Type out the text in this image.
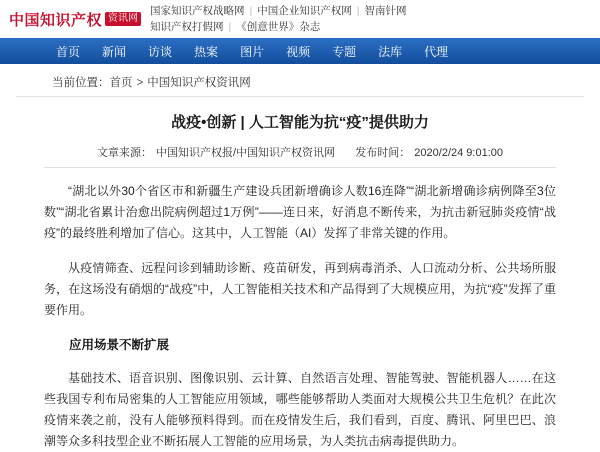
中国知识产权 资讯网
国家知识产权战略网 | 中国企业知识产权网 | 智南针网
知识产权打假网 | 《创意世界》杂志
首页 新闻 访谈 热案 图片 视频 专题 法库 代理
当前位置：首页 > 中国知识产权资讯网
战疫•创新 | 人工智能为抗“疫”提供助力
文章来源： 中国知识产权报/中国知识产权资讯网 发布时间： 2020/2/24 9:01:00

“湖北以外30个省区市和新疆生产建设兵团新增确诊人数16连降”“湖北新增确诊病例降至3位数”“湖北省累计治愈出院病例超过1万例”——连日来，好消息不断传来，为抗击新冠肺炎疫情“战疫”的最终胜利增加了信心。这其中，人工智能（AI）发挥了非常关键的作用。

从疫情筛查、远程问诊到辅助诊断、疫苗研发，再到病毒消杀、人口流动分析、公共场所服务，在这场没有硝烟的“战疫”中，人工智能相关技术和产品得到了大规模应用，为抗“疫”发挥了重要作用。

应用场景不断扩展

基础技术、语音识别、图像识别、云计算、自然语言处理、智能驾驶、智能机器人……在这些我国专利布局密集的人工智能应用领域，哪些能够帮助人类面对大规模公共卫生危机？在此次疫情来袭之前，没有人能够预料得到。而在疫情发生后，我们看到，百度、腾讯、阿里巴巴、浪潮等众多科技型企业不断拓展人工智能的应用场景，为人类抗击病毒提供助力。
